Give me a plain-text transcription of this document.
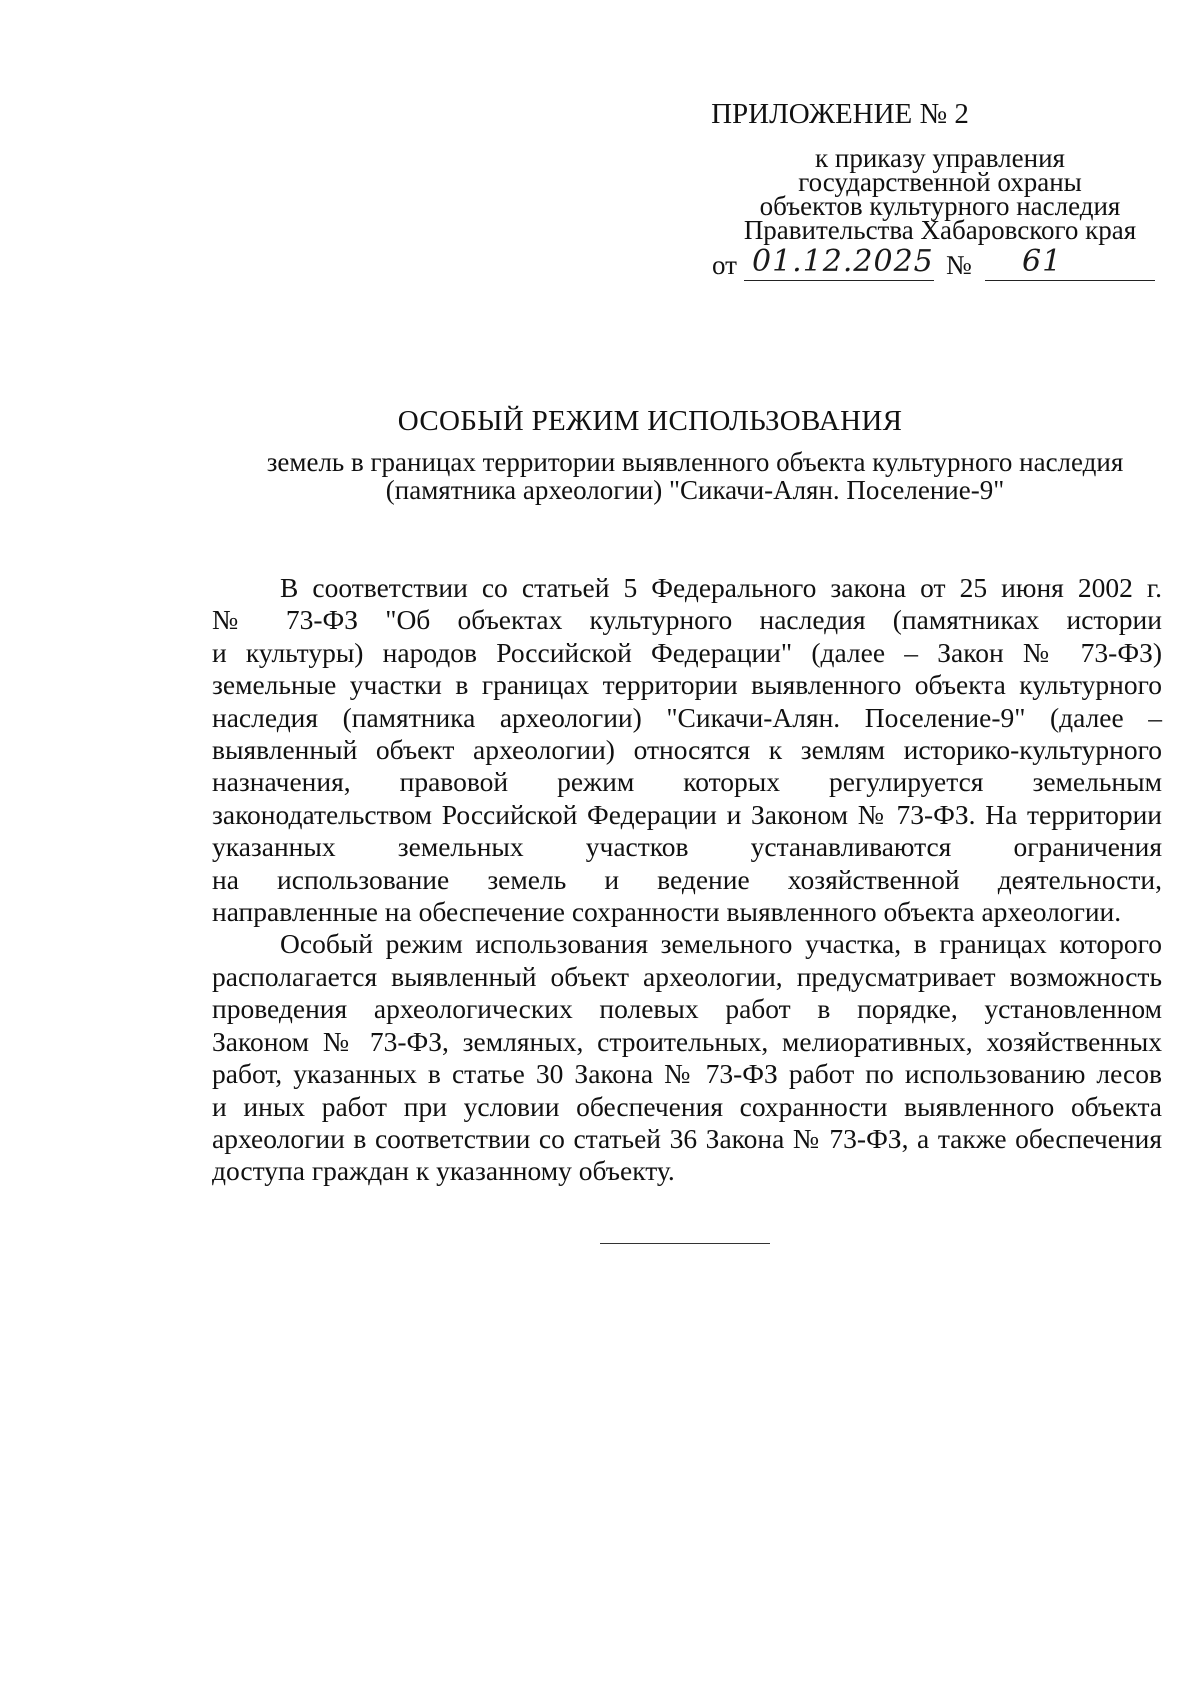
ПРИЛОЖЕНИЕ № 2
к приказу управления
государственной охраны
объектов культурного наследия
Правительства Хабаровского края
от 01.12.2025 № 61
ОСОБЫЙ РЕЖИМ ИСПОЛЬЗОВАНИЯ
земель в границах территории выявленного объекта культурного наследия
(памятника археологии) "Сикачи-Алян. Поселение-9"
В соответствии со статьей 5 Федерального закона от 25 июня 2002 г.
№ 73-ФЗ "Об объектах культурного наследия (памятниках истории
и культуры) народов Российской Федерации" (далее – Закон № 73-ФЗ)
земельные участки в границах территории выявленного объекта культурного
наследия (памятника археологии) "Сикачи-Алян. Поселение-9" (далее –
выявленный объект археологии) относятся к землям историко-культурного
назначения, правовой режим которых регулируется земельным
законодательством Российской Федерации и Законом № 73-ФЗ. На территории
указанных земельных участков устанавливаются ограничения
на использование земель и ведение хозяйственной деятельности,
направленные на обеспечение сохранности выявленного объекта археологии.
Особый режим использования земельного участка, в границах которого
располагается выявленный объект археологии, предусматривает возможность
проведения археологических полевых работ в порядке, установленном
Законом № 73-ФЗ, земляных, строительных, мелиоративных, хозяйственных
работ, указанных в статье 30 Закона № 73-ФЗ работ по использованию лесов
и иных работ при условии обеспечения сохранности выявленного объекта
археологии в соответствии со статьей 36 Закона № 73-ФЗ, а также обеспечения
доступа граждан к указанному объекту.
